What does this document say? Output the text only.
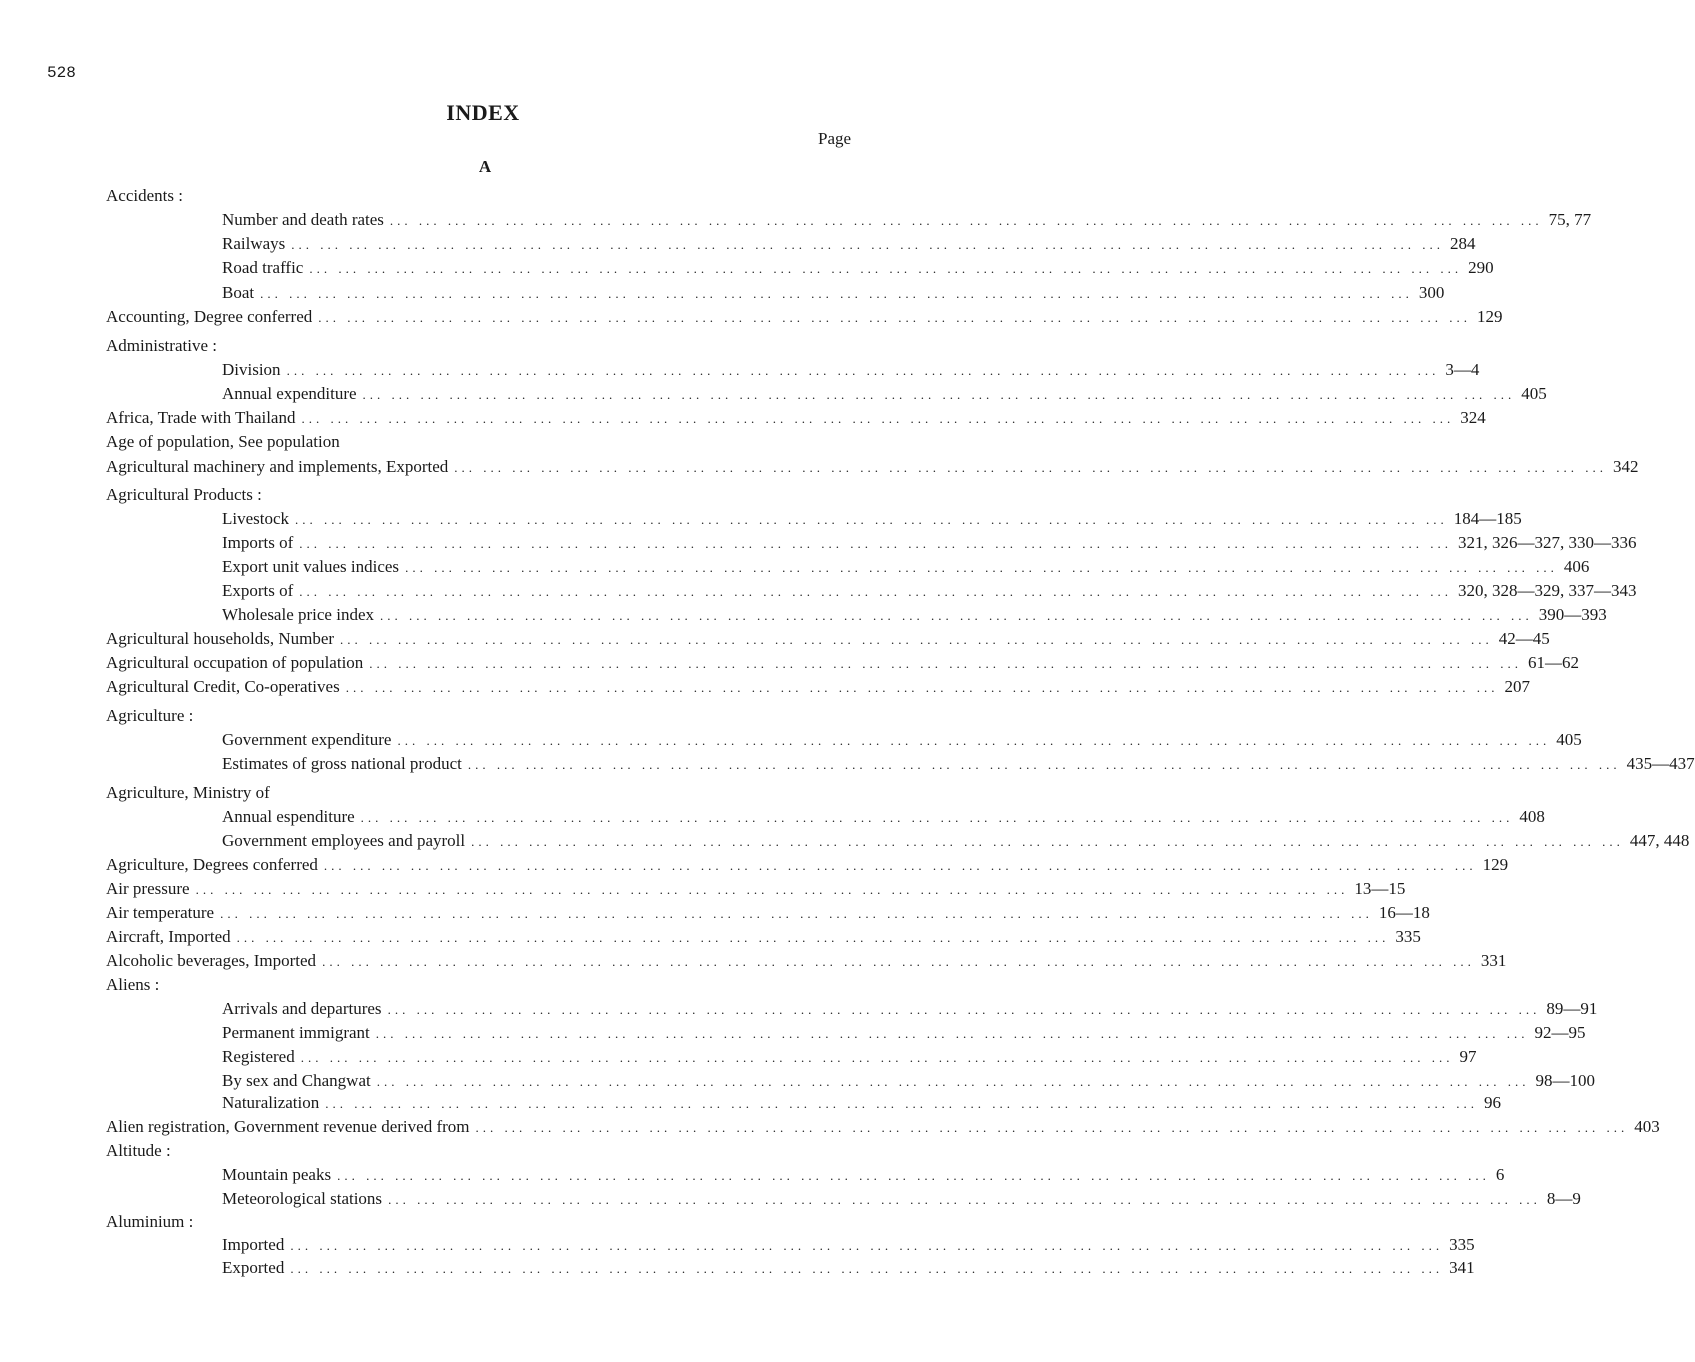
528
INDEX
Page
A
Accidents :
Number and death rates ... ... ... ... ... ... ... ... ... ... ... ... ... ... ... ... ... ... ... ... ... ... ... ... ... ... ... ... ... ... ... ... ... ... ... ... ... ... ... ... 75, 77
Railways ... ... ... ... ... ... ... ... ... ... ... ... ... ... ... ... ... ... ... ... ... ... ... ... ... ... ... ... ... ... ... ... ... ... ... ... ... ... ... ... 284
Road traffic ... ... ... ... ... ... ... ... ... ... ... ... ... ... ... ... ... ... ... ... ... ... ... ... ... ... ... ... ... ... ... ... ... ... ... ... ... ... ... ... 290
Boat ... ... ... ... ... ... ... ... ... ... ... ... ... ... ... ... ... ... ... ... ... ... ... ... ... ... ... ... ... ... ... ... ... ... ... ... ... ... ... ... 300
Accounting, Degree conferred ... ... ... ... ... ... ... ... ... ... ... ... ... ... ... ... ... ... ... ... ... ... ... ... ... ... ... ... ... ... ... ... ... ... ... ... ... ... ... ... 129
Administrative :
Division ... ... ... ... ... ... ... ... ... ... ... ... ... ... ... ... ... ... ... ... ... ... ... ... ... ... ... ... ... ... ... ... ... ... ... ... ... ... ... ... 3—4
Annual expenditure ... ... ... ... ... ... ... ... ... ... ... ... ... ... ... ... ... ... ... ... ... ... ... ... ... ... ... ... ... ... ... ... ... ... ... ... ... ... ... ... 405
Africa, Trade with Thailand ... ... ... ... ... ... ... ... ... ... ... ... ... ... ... ... ... ... ... ... ... ... ... ... ... ... ... ... ... ... ... ... ... ... ... ... ... ... ... ... 324
Age of population, See population
Agricultural machinery and implements, Exported ... ... ... ... ... ... ... ... ... ... ... ... ... ... ... ... ... ... ... ... ... ... ... ... ... ... ... ... ... ... ... ... ... ... ... ... ... ... ... ... 342
Agricultural Products :
Livestock ... ... ... ... ... ... ... ... ... ... ... ... ... ... ... ... ... ... ... ... ... ... ... ... ... ... ... ... ... ... ... ... ... ... ... ... ... ... ... ... 184—185
Imports of ... ... ... ... ... ... ... ... ... ... ... ... ... ... ... ... ... ... ... ... ... ... ... ... ... ... ... ... ... ... ... ... ... ... ... ... ... ... ... ... 321, 326—327, 330—336
Export unit values indices ... ... ... ... ... ... ... ... ... ... ... ... ... ... ... ... ... ... ... ... ... ... ... ... ... ... ... ... ... ... ... ... ... ... ... ... ... ... ... ... 406
Exports of ... ... ... ... ... ... ... ... ... ... ... ... ... ... ... ... ... ... ... ... ... ... ... ... ... ... ... ... ... ... ... ... ... ... ... ... ... ... ... ... 320, 328—329, 337—343
Wholesale price index ... ... ... ... ... ... ... ... ... ... ... ... ... ... ... ... ... ... ... ... ... ... ... ... ... ... ... ... ... ... ... ... ... ... ... ... ... ... ... ... 390—393
Agricultural households, Number ... ... ... ... ... ... ... ... ... ... ... ... ... ... ... ... ... ... ... ... ... ... ... ... ... ... ... ... ... ... ... ... ... ... ... ... ... ... ... ... 42—45
Agricultural occupation of population ... ... ... ... ... ... ... ... ... ... ... ... ... ... ... ... ... ... ... ... ... ... ... ... ... ... ... ... ... ... ... ... ... ... ... ... ... ... ... ... 61—62
Agricultural Credit, Co-operatives ... ... ... ... ... ... ... ... ... ... ... ... ... ... ... ... ... ... ... ... ... ... ... ... ... ... ... ... ... ... ... ... ... ... ... ... ... ... ... ... 207
Agriculture :
Government expenditure ... ... ... ... ... ... ... ... ... ... ... ... ... ... ... ... ... ... ... ... ... ... ... ... ... ... ... ... ... ... ... ... ... ... ... ... ... ... ... ... 405
Estimates of gross national product ... ... ... ... ... ... ... ... ... ... ... ... ... ... ... ... ... ... ... ... ... ... ... ... ... ... ... ... ... ... ... ... ... ... ... ... ... ... ... ... 435—437
Agriculture, Ministry of
Annual espenditure ... ... ... ... ... ... ... ... ... ... ... ... ... ... ... ... ... ... ... ... ... ... ... ... ... ... ... ... ... ... ... ... ... ... ... ... ... ... ... ... 408
Government employees and payroll ... ... ... ... ... ... ... ... ... ... ... ... ... ... ... ... ... ... ... ... ... ... ... ... ... ... ... ... ... ... ... ... ... ... ... ... ... ... ... ... 447, 448
Agriculture, Degrees conferred ... ... ... ... ... ... ... ... ... ... ... ... ... ... ... ... ... ... ... ... ... ... ... ... ... ... ... ... ... ... ... ... ... ... ... ... ... ... ... ... 129
Air pressure ... ... ... ... ... ... ... ... ... ... ... ... ... ... ... ... ... ... ... ... ... ... ... ... ... ... ... ... ... ... ... ... ... ... ... ... ... ... ... ... 13—15
Air temperature ... ... ... ... ... ... ... ... ... ... ... ... ... ... ... ... ... ... ... ... ... ... ... ... ... ... ... ... ... ... ... ... ... ... ... ... ... ... ... ... 16—18
Aircraft, Imported ... ... ... ... ... ... ... ... ... ... ... ... ... ... ... ... ... ... ... ... ... ... ... ... ... ... ... ... ... ... ... ... ... ... ... ... ... ... ... ... 335
Alcoholic beverages, Imported ... ... ... ... ... ... ... ... ... ... ... ... ... ... ... ... ... ... ... ... ... ... ... ... ... ... ... ... ... ... ... ... ... ... ... ... ... ... ... ... 331
Aliens :
Arrivals and departures ... ... ... ... ... ... ... ... ... ... ... ... ... ... ... ... ... ... ... ... ... ... ... ... ... ... ... ... ... ... ... ... ... ... ... ... ... ... ... ... 89—91
Permanent immigrant ... ... ... ... ... ... ... ... ... ... ... ... ... ... ... ... ... ... ... ... ... ... ... ... ... ... ... ... ... ... ... ... ... ... ... ... ... ... ... ... 92—95
Registered ... ... ... ... ... ... ... ... ... ... ... ... ... ... ... ... ... ... ... ... ... ... ... ... ... ... ... ... ... ... ... ... ... ... ... ... ... ... ... ... 97
By sex and Changwat ... ... ... ... ... ... ... ... ... ... ... ... ... ... ... ... ... ... ... ... ... ... ... ... ... ... ... ... ... ... ... ... ... ... ... ... ... ... ... ... 98—100
Naturalization ... ... ... ... ... ... ... ... ... ... ... ... ... ... ... ... ... ... ... ... ... ... ... ... ... ... ... ... ... ... ... ... ... ... ... ... ... ... ... ... 96
Alien registration, Government revenue derived from ... ... ... ... ... ... ... ... ... ... ... ... ... ... ... ... ... ... ... ... ... ... ... ... ... ... ... ... ... ... ... ... ... ... ... ... ... ... ... ... 403
Altitude :
Mountain peaks ... ... ... ... ... ... ... ... ... ... ... ... ... ... ... ... ... ... ... ... ... ... ... ... ... ... ... ... ... ... ... ... ... ... ... ... ... ... ... ... 6
Meteorological stations ... ... ... ... ... ... ... ... ... ... ... ... ... ... ... ... ... ... ... ... ... ... ... ... ... ... ... ... ... ... ... ... ... ... ... ... ... ... ... ... 8—9
Aluminium :
Imported ... ... ... ... ... ... ... ... ... ... ... ... ... ... ... ... ... ... ... ... ... ... ... ... ... ... ... ... ... ... ... ... ... ... ... ... ... ... ... ... 335
Exported ... ... ... ... ... ... ... ... ... ... ... ... ... ... ... ... ... ... ... ... ... ... ... ... ... ... ... ... ... ... ... ... ... ... ... ... ... ... ... ... 341
